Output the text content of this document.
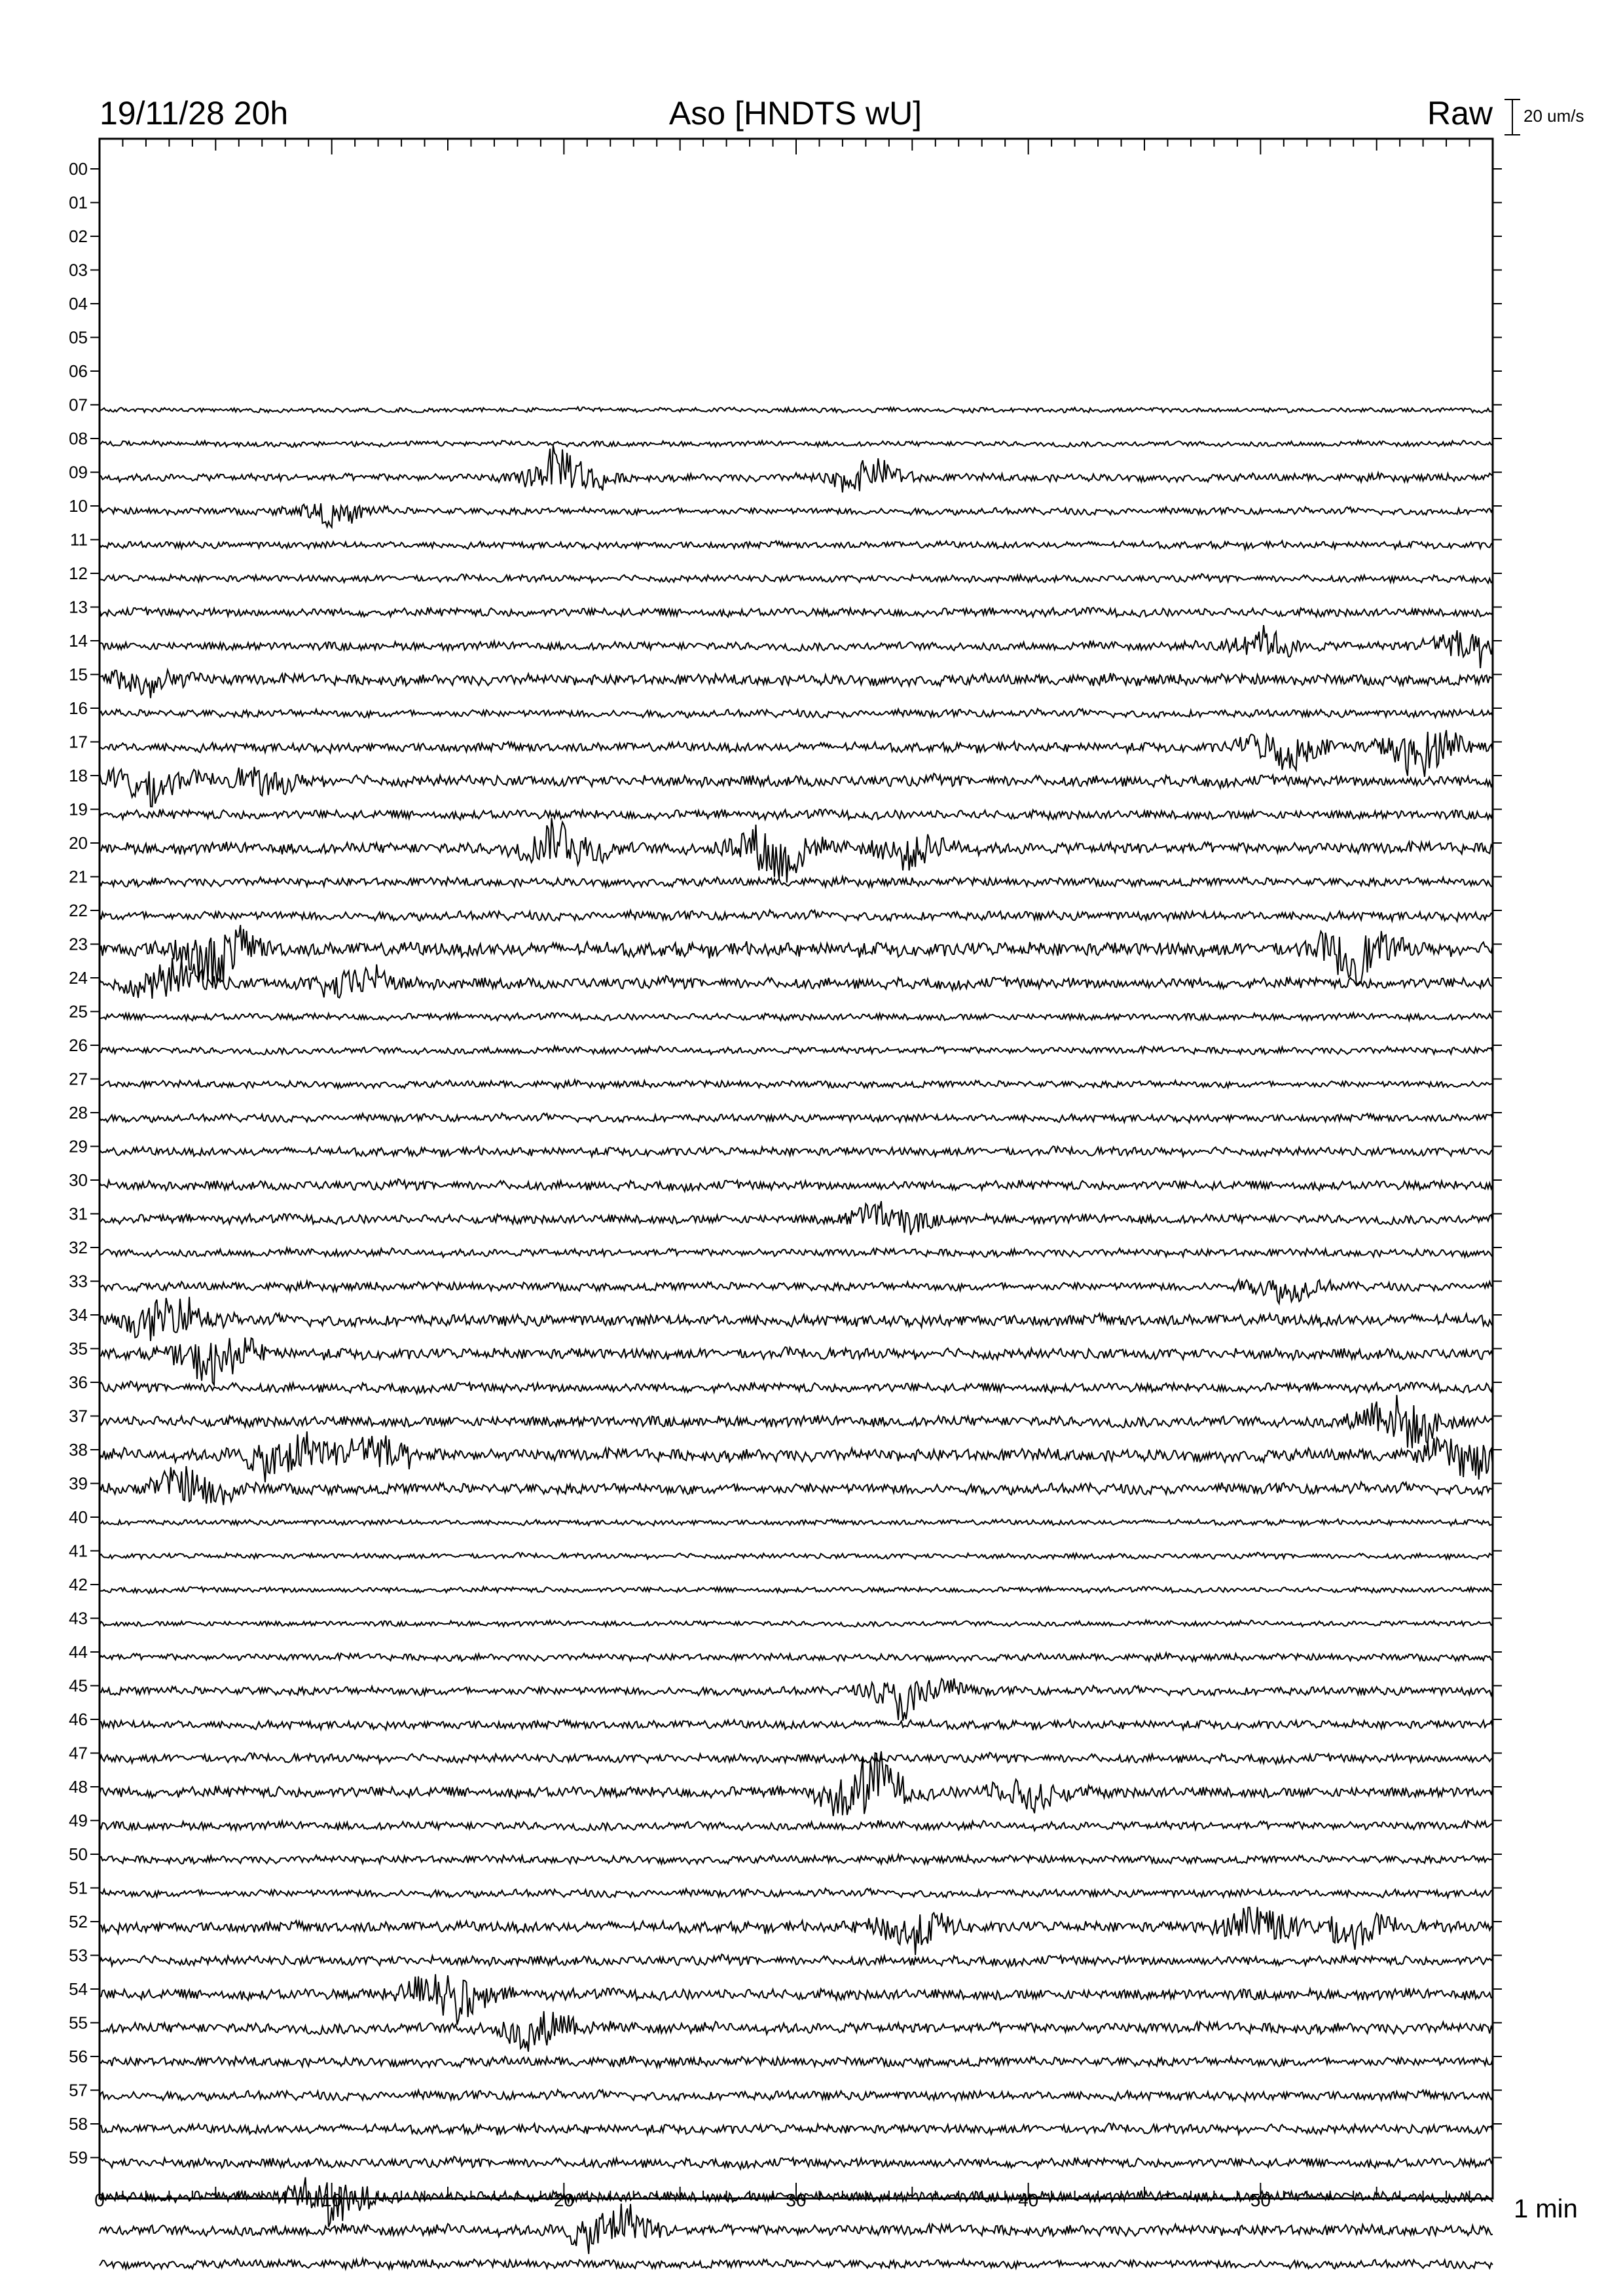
19/11/28 20h	Aso [HNDTS wU]	Raw 20 um/s
00
01
02
03
04
05
06
07
08
09
10
11
12
13
14
15
16
17
18
19
20
21
22
23
24
25
26
27
28
29
30
31
32
33
34
35
36
37
38
39
40
41
42
43
44
45
46
47
48
49
50
51
52
53
54
55
56
57
58
59
0	10	20	30	40	50	1 min
